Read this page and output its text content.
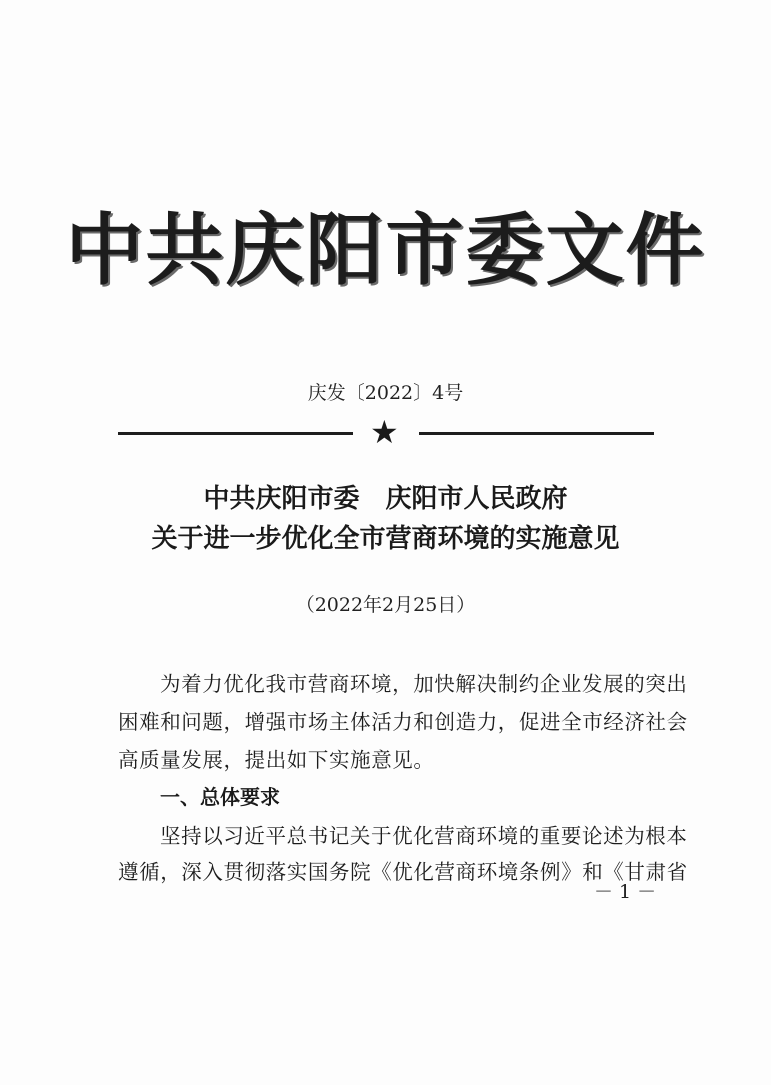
中共庆阳市委文件
庆发〔2022〕4号
★
中共庆阳市委　庆阳市人民政府
关于进一步优化全市营商环境的实施意见
（2022年2月25日）
为着力优化我市营商环境，加快解决制约企业发展的突出
困难和问题，增强市场主体活力和创造力，促进全市经济社会
高质量发展，提出如下实施意见。
一、总体要求
坚持以习近平总书记关于优化营商环境的重要论述为根本
遵循，深入贯彻落实国务院《优化营商环境条例》和《甘肃省
－ 1 －
